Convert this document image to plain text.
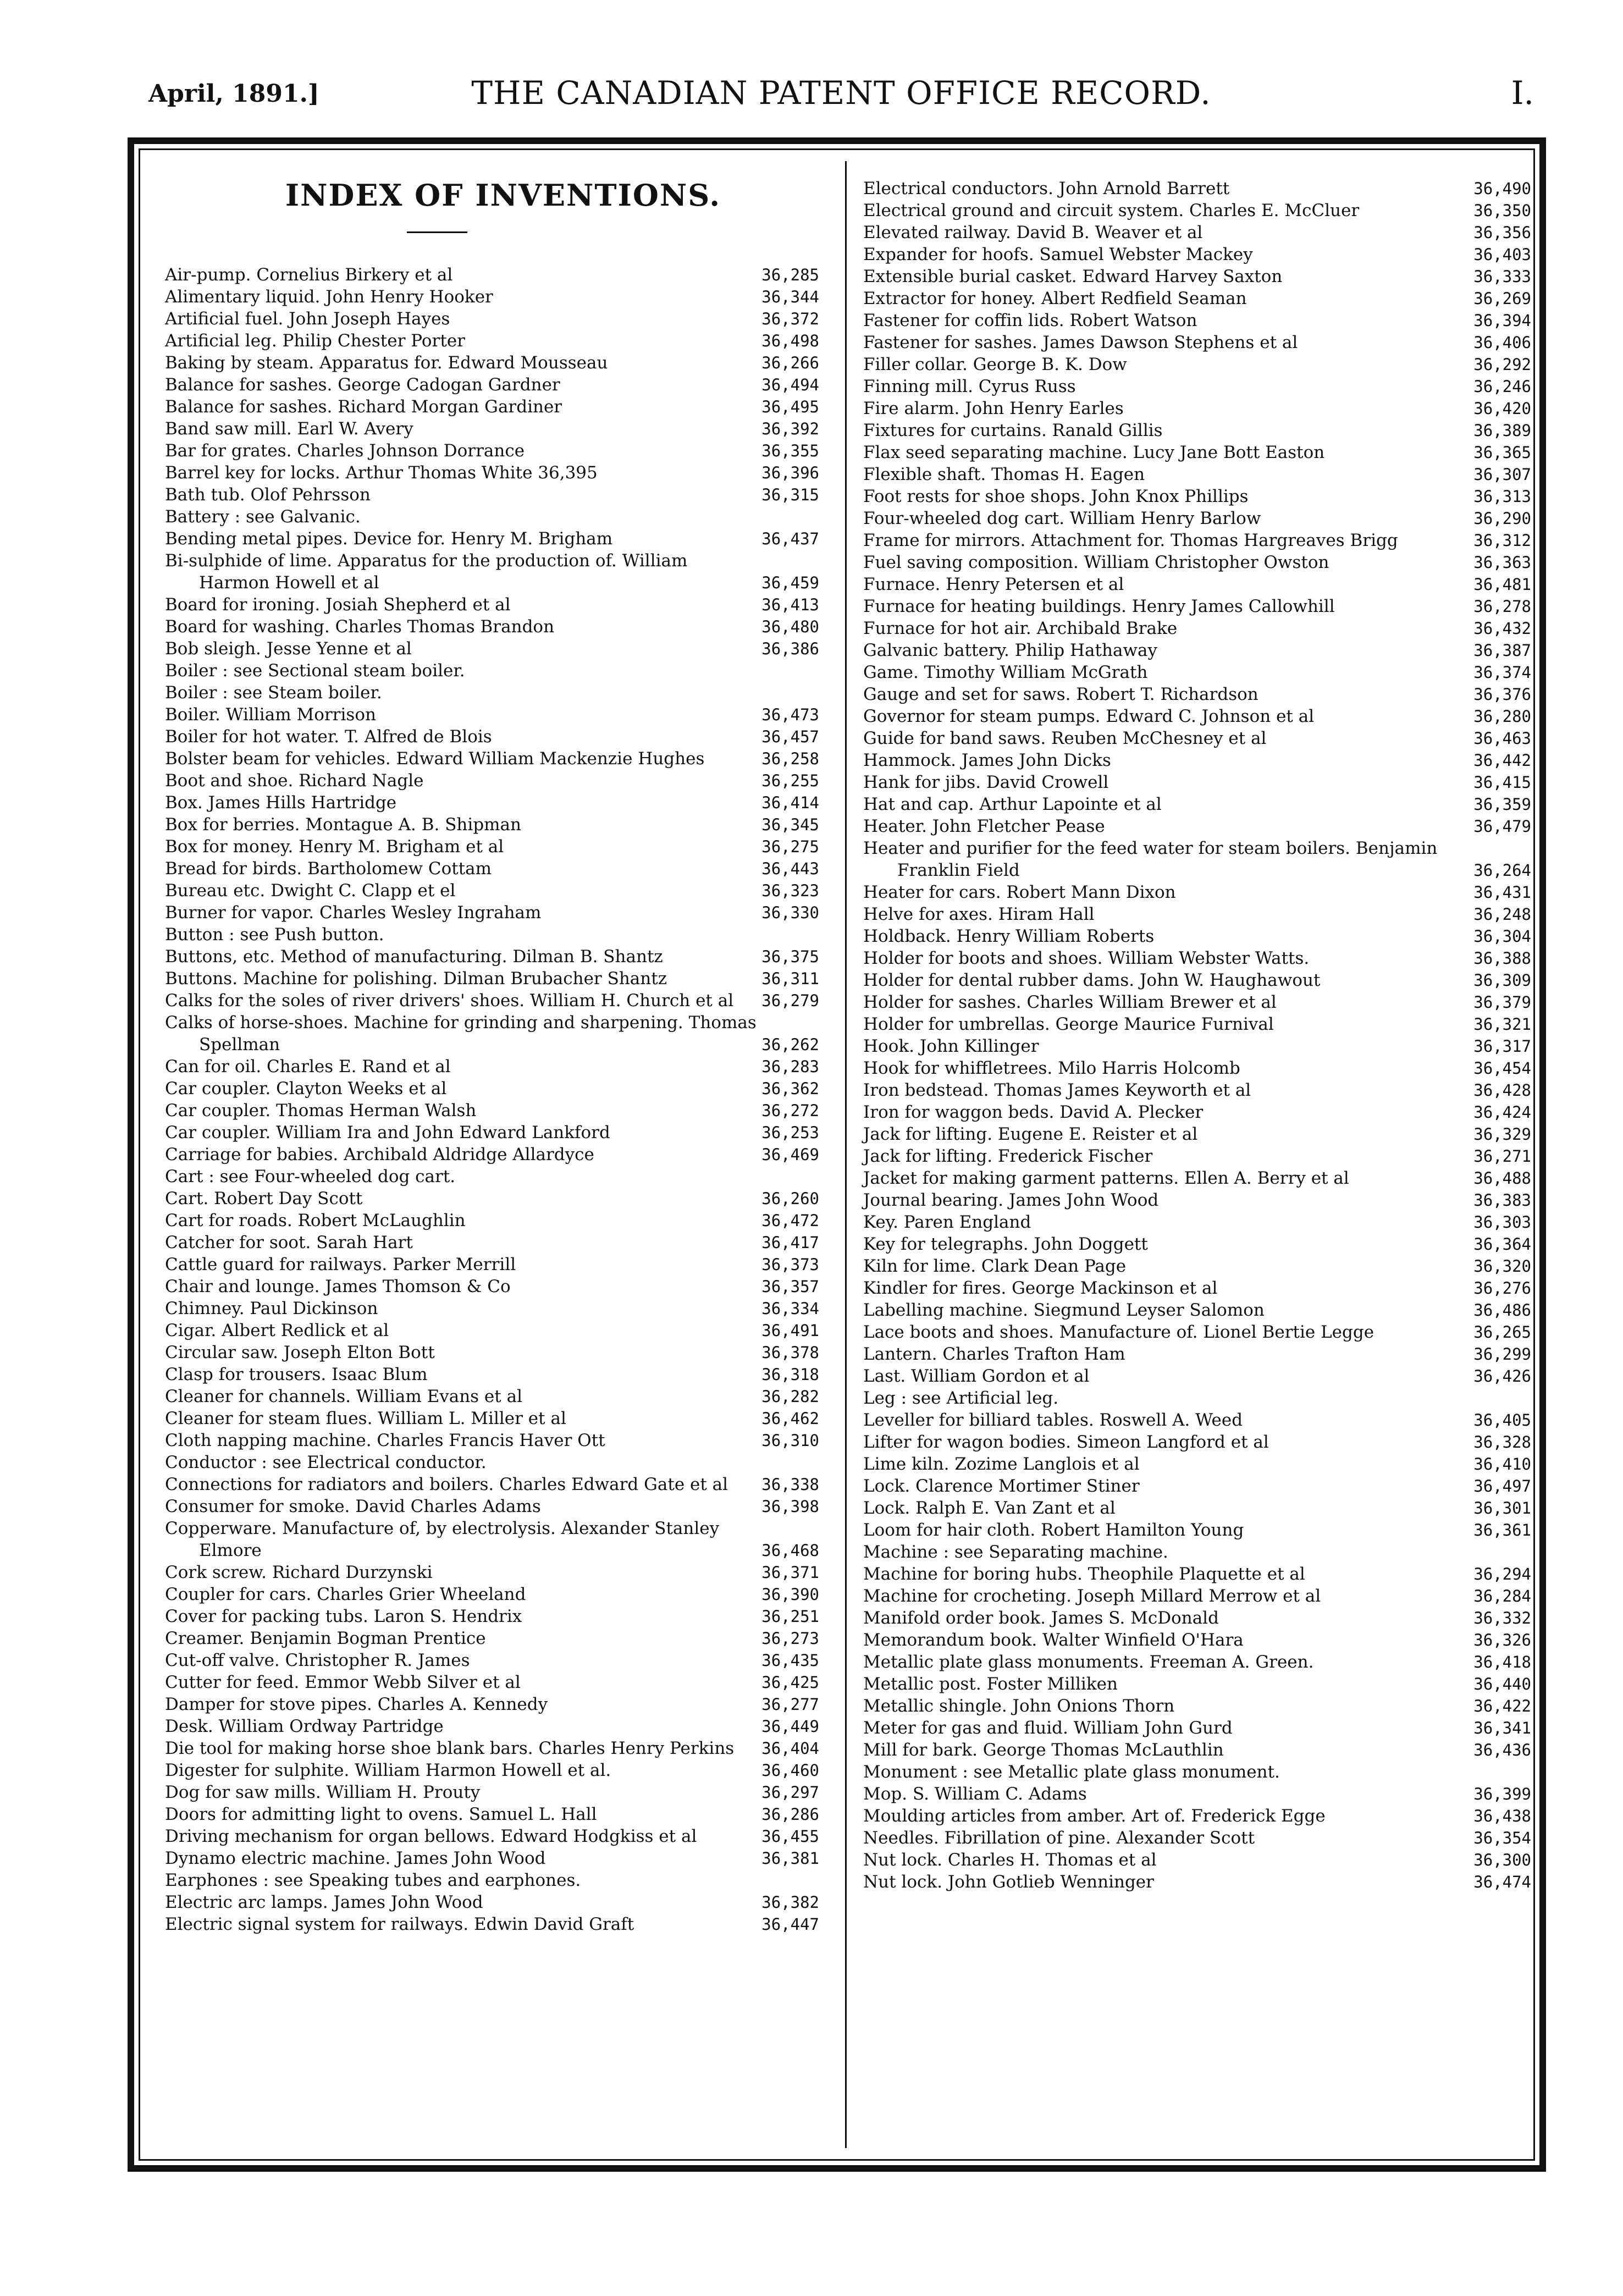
April, 1891.]	THE CANADIAN PATENT OFFICE RECORD.	I.
INDEX OF INVENTIONS.
Air-pump. Cornelius Birkery et al	36,285
Alimentary liquid. John Henry Hooker	36,344
Artificial fuel. John Joseph Hayes	36,372
Artificial leg. Philip Chester Porter	36,498
Baking by steam. Apparatus for. Edward Mousseau	36,266
Balance for sashes. George Cadogan Gardner	36,494
Balance for sashes. Richard Morgan Gardiner	36,495
Band saw mill. Earl W. Avery	36,392
Bar for grates. Charles Johnson Dorrance	36,355
Barrel key for locks. Arthur Thomas White 36,395	36,396
Bath tub. Olof Pehrsson	36,315
Battery : see Galvanic.
Bending metal pipes. Device for. Henry M. Brigham	36,437
Bi-sulphide of lime. Apparatus for the production of. William Harmon Howell et al	36,459
Board for ironing. Josiah Shepherd et al	36,413
Board for washing. Charles Thomas Brandon	36,480
Bob sleigh. Jesse Yenne et al	36,386
Boiler : see Sectional steam boiler.
Boiler : see Steam boiler.
Boiler. William Morrison	36,473
Boiler for hot water. T. Alfred de Blois	36,457
Bolster beam for vehicles. Edward William Mackenzie Hughes	36,258
Boot and shoe. Richard Nagle	36,255
Box. James Hills Hartridge	36,414
Box for berries. Montague A. B. Shipman	36,345
Box for money. Henry M. Brigham et al	36,275
Bread for birds. Bartholomew Cottam	36,443
Bureau etc. Dwight C. Clapp et el	36,323
Burner for vapor. Charles Wesley Ingraham	36,330
Button : see Push button.
Buttons, etc. Method of manufacturing. Dilman B. Shantz	36,375
Buttons. Machine for polishing. Dilman Brubacher Shantz	36,311
Calks for the soles of river drivers' shoes. William H. Church et al	36,279
Calks of horse-shoes. Machine for grinding and sharpening. Thomas Spellman	36,262
Can for oil. Charles E. Rand et al	36,283
Car coupler. Clayton Weeks et al	36,362
Car coupler. Thomas Herman Walsh	36,272
Car coupler. William Ira and John Edward Lankford	36,253
Carriage for babies. Archibald Aldridge Allardyce	36,469
Cart : see Four-wheeled dog cart.
Cart. Robert Day Scott	36,260
Cart for roads. Robert McLaughlin	36,472
Catcher for soot. Sarah Hart	36,417
Cattle guard for railways. Parker Merrill	36,373
Chair and lounge. James Thomson & Co	36,357
Chimney. Paul Dickinson	36,334
Cigar. Albert Redlick et al	36,491
Circular saw. Joseph Elton Bott	36,378
Clasp for trousers. Isaac Blum	36,318
Cleaner for channels. William Evans et al	36,282
Cleaner for steam flues. William L. Miller et al	36,462
Cloth napping machine. Charles Francis Haver Ott	36,310
Conductor : see Electrical conductor.
Connections for radiators and boilers. Charles Edward Gate et al	36,338
Consumer for smoke. David Charles Adams	36,398
Copperware. Manufacture of, by electrolysis. Alexander Stanley Elmore	36,468
Cork screw. Richard Durzynski	36,371
Coupler for cars. Charles Grier Wheeland	36,390
Cover for packing tubs. Laron S. Hendrix	36,251
Creamer. Benjamin Bogman Prentice	36,273
Cut-off valve. Christopher R. James	36,435
Cutter for feed. Emmor Webb Silver et al	36,425
Damper for stove pipes. Charles A. Kennedy	36,277
Desk. William Ordway Partridge	36,449
Die tool for making horse shoe blank bars. Charles Henry Perkins	36,404
Digester for sulphite. William Harmon Howell et al.	36,460
Dog for saw mills. William H. Prouty	36,297
Doors for admitting light to ovens. Samuel L. Hall	36,286
Driving mechanism for organ bellows. Edward Hodgkiss et al	36,455
Dynamo electric machine. James John Wood	36,381
Earphones : see Speaking tubes and earphones.
Electric arc lamps. James John Wood	36,382
Electric signal system for railways. Edwin David Graft	36,447
Electrical conductors. John Arnold Barrett	36,490
Electrical ground and circuit system. Charles E. McCluer	36,350
Elevated railway. David B. Weaver et al	36,356
Expander for hoofs. Samuel Webster Mackey	36,403
Extensible burial casket. Edward Harvey Saxton	36,333
Extractor for honey. Albert Redfield Seaman	36,269
Fastener for coffin lids. Robert Watson	36,394
Fastener for sashes. James Dawson Stephens et al	36,406
Filler collar. George B. K. Dow	36,292
Finning mill. Cyrus Russ	36,246
Fire alarm. John Henry Earles	36,420
Fixtures for curtains. Ranald Gillis	36,389
Flax seed separating machine. Lucy Jane Bott Easton	36,365
Flexible shaft. Thomas H. Eagen	36,307
Foot rests for shoe shops. John Knox Phillips	36,313
Four-wheeled dog cart. William Henry Barlow	36,290
Frame for mirrors. Attachment for. Thomas Hargreaves Brigg	36,312
Fuel saving composition. William Christopher Owston	36,363
Furnace. Henry Petersen et al	36,481
Furnace for heating buildings. Henry James Callowhill	36,278
Furnace for hot air. Archibald Brake	36,432
Galvanic battery. Philip Hathaway	36,387
Game. Timothy William McGrath	36,374
Gauge and set for saws. Robert T. Richardson	36,376
Governor for steam pumps. Edward C. Johnson et al	36,280
Guide for band saws. Reuben McChesney et al	36,463
Hammock. James John Dicks	36,442
Hank for jibs. David Crowell	36,415
Hat and cap. Arthur Lapointe et al	36,359
Heater. John Fletcher Pease	36,479
Heater and purifier for the feed water for steam boilers. Benjamin Franklin Field	36,264
Heater for cars. Robert Mann Dixon	36,431
Helve for axes. Hiram Hall	36,248
Holdback. Henry William Roberts	36,304
Holder for boots and shoes. William Webster Watts.	36,388
Holder for dental rubber dams. John W. Haughawout	36,309
Holder for sashes. Charles William Brewer et al	36,379
Holder for umbrellas. George Maurice Furnival	36,321
Hook. John Killinger	36,317
Hook for whiffletrees. Milo Harris Holcomb	36,454
Iron bedstead. Thomas James Keyworth et al	36,428
Iron for waggon beds. David A. Plecker	36,424
Jack for lifting. Eugene E. Reister et al	36,329
Jack for lifting. Frederick Fischer	36,271
Jacket for making garment patterns. Ellen A. Berry et al	36,488
Journal bearing. James John Wood	36,383
Key. Paren England	36,303
Key for telegraphs. John Doggett	36,364
Kiln for lime. Clark Dean Page	36,320
Kindler for fires. George Mackinson et al	36,276
Labelling machine. Siegmund Leyser Salomon	36,486
Lace boots and shoes. Manufacture of. Lionel Bertie Legge	36,265
Lantern. Charles Trafton Ham	36,299
Last. William Gordon et al	36,426
Leg : see Artificial leg.
Leveller for billiard tables. Roswell A. Weed	36,405
Lifter for wagon bodies. Simeon Langford et al	36,328
Lime kiln. Zozime Langlois et al	36,410
Lock. Clarence Mortimer Stiner	36,497
Lock. Ralph E. Van Zant et al	36,301
Loom for hair cloth. Robert Hamilton Young	36,361
Machine : see Separating machine.
Machine for boring hubs. Theophile Plaquette et al	36,294
Machine for crocheting. Joseph Millard Merrow et al	36,284
Manifold order book. James S. McDonald	36,332
Memorandum book. Walter Winfield O'Hara	36,326
Metallic plate glass monuments. Freeman A. Green.	36,418
Metallic post. Foster Milliken	36,440
Metallic shingle. John Onions Thorn	36,422
Meter for gas and fluid. William John Gurd	36,341
Mill for bark. George Thomas McLauthlin	36,436
Monument : see Metallic plate glass monument.
Mop. S. William C. Adams	36,399
Moulding articles from amber. Art of. Frederick Egge	36,438
Needles. Fibrillation of pine. Alexander Scott	36,354
Nut lock. Charles H. Thomas et al	36,300
Nut lock. John Gotlieb Wenninger	36,474
